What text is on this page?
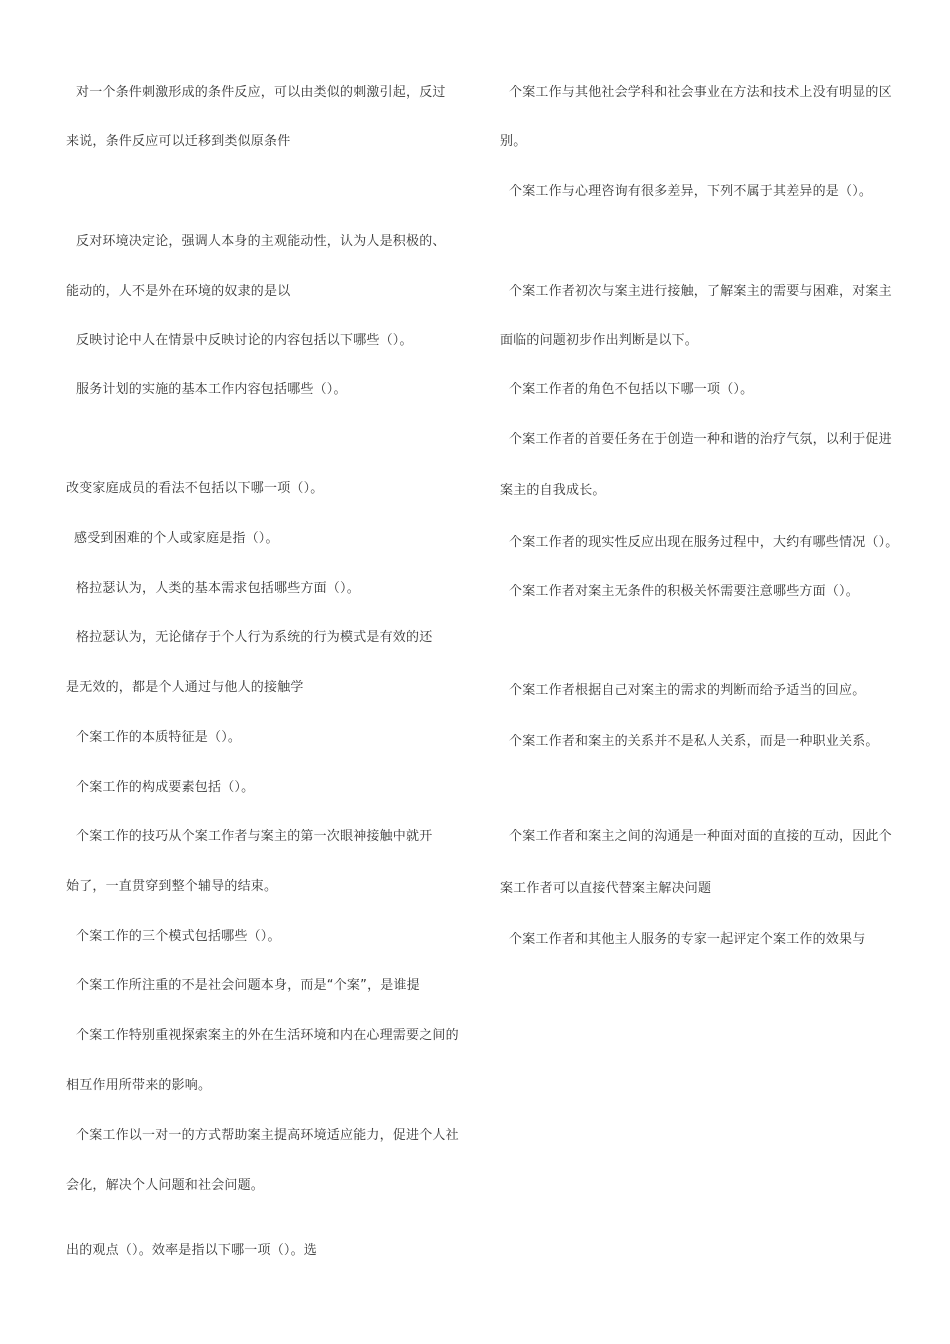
对一个条件刺激形成的条件反应，可以由类似的刺激引起，反过
来说，条件反应可以迁移到类似原条件
反对环境决定论，强调人本身的主观能动性，认为人是积极的、
能动的，人不是外在环境的奴隶的是以
反映讨论中人在情景中反映讨论的内容包括以下哪些（）。
服务计划的实施的基本工作内容包括哪些（）。
改变家庭成员的看法不包括以下哪一项（）。
感受到困难的个人或家庭是指（）。
格拉瑟认为，人类的基本需求包括哪些方面（）。
格拉瑟认为，无论储存于个人行为系统的行为模式是有效的还
是无效的，都是个人通过与他人的接触学
个案工作的本质特征是（）。
个案工作的构成要素包括（）。
个案工作的技巧从个案工作者与案主的第一次眼神接触中就开
始了，一直贯穿到整个辅导的结束。
个案工作的三个模式包括哪些（）。
个案工作所注重的不是社会问题本身，而是“个案”，是谁提
个案工作特别重视探索案主的外在生活环境和内在心理需要之间的
相互作用所带来的影响。
个案工作以一对一的方式帮助案主提高环境适应能力，促进个人社
会化，解决个人问题和社会问题。
出的观点（）。效率是指以下哪一项（）。选
个案工作与其他社会学科和社会事业在方法和技术上没有明显的区
别。
个案工作与心理咨询有很多差异，下列不属于其差异的是（）。
个案工作者初次与案主进行接触，了解案主的需要与困难，对案主
面临的问题初步作出判断是以下。
个案工作者的角色不包括以下哪一项（）。
个案工作者的首要任务在于创造一种和谐的治疗气氛，以利于促进
案主的自我成长。
个案工作者的现实性反应出现在服务过程中，大约有哪些情况（）。
个案工作者对案主无条件的积极关怀需要注意哪些方面（）。
个案工作者根据自己对案主的需求的判断而给予适当的回应。
个案工作者和案主的关系并不是私人关系，而是一种职业关系。
个案工作者和案主之间的沟通是一种面对面的直接的互动，因此个
案工作者可以直接代替案主解决问题
个案工作者和其他主人服务的专家一起评定个案工作的效果与
